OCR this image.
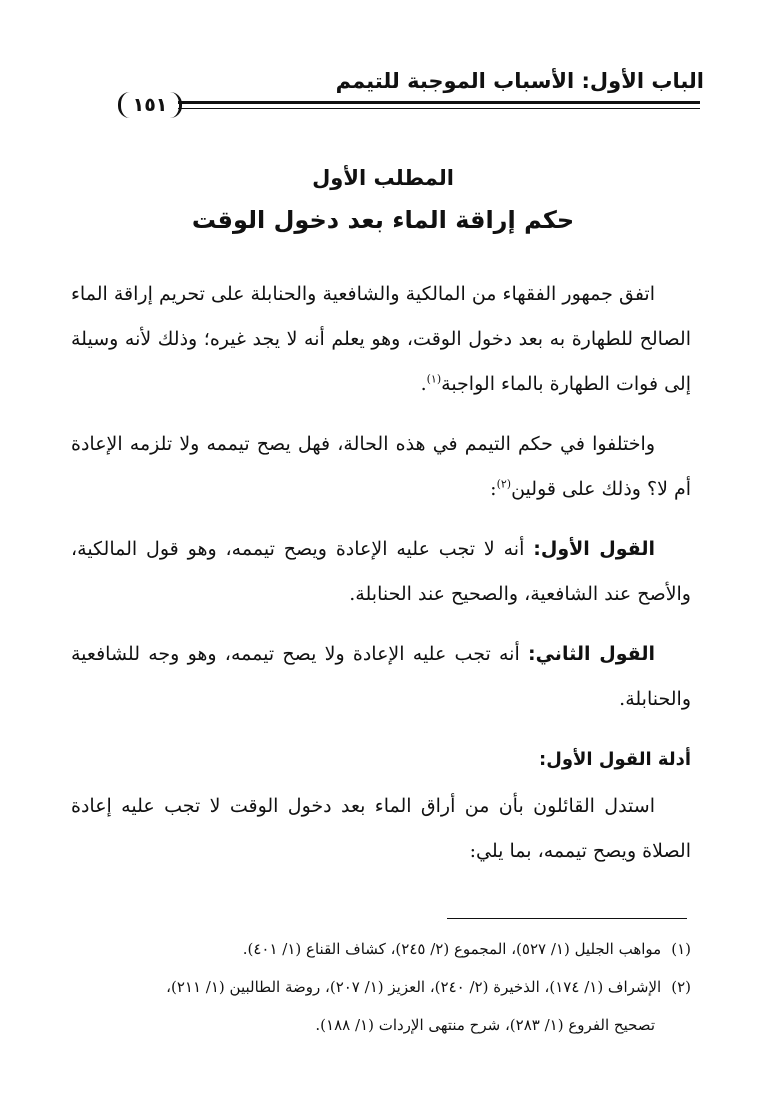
الباب الأول: الأسباب الموجبة للتيمم
١٥١
المطلب الأول
حكم إراقة الماء بعد دخول الوقت

اتفق جمهور الفقهاء من المالكية والشافعية والحنابلة على تحريم إراقة الماء الصالح للطهارة به بعد دخول الوقت، وهو يعلم أنه لا يجد غيره؛ وذلك لأنه وسيلة إلى فوات الطهارة بالماء الواجبة$^{(١)}$.

واختلفوا في حكم التيمم في هذه الحالة، فهل يصح تيممه ولا تلزمه الإعادة أم لا؟ وذلك على قولين$^{(٢)}$:

القول الأول: أنه لا تجب عليه الإعادة ويصح تيممه، وهو قول المالكية، والأصح عند الشافعية، والصحيح عند الحنابلة.

القول الثاني: أنه تجب عليه الإعادة ولا يصح تيممه، وهو وجه للشافعية والحنابلة.

أدلة القول الأول:

استدل القائلون بأن من أراق الماء بعد دخول الوقت لا تجب عليه إعادة الصلاة ويصح تيممه، بما يلي:

(١)مواهب الجليل (١/ ٥٢٧)، المجموع (٢/ ٢٤٥)، كشاف القناع (١/ ٤٠١).

(٢)الإشراف (١/ ١٧٤)، الذخيرة (٢/ ٢٤٠)، العزيز (١/ ٢٠٧)، روضة الطالبين (١/ ٢١١)،

تصحيح الفروع (١/ ٢٨٣)، شرح منتهى الإردات (١/ ١٨٨).
